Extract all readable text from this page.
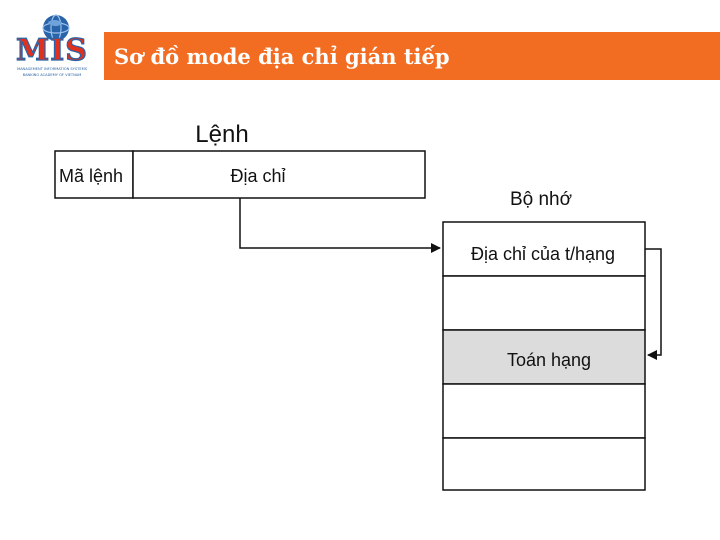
MIS
MANAGEMENT INFORMATION SYSTEMS
BANKING ACADEMY OF VIETNAM
Sơ đồ mode địa chỉ gián tiếp
Lệnh
Mã lệnh	Địa chỉ
Bộ nhớ
Địa chỉ của t/hạng
Toán hạng
